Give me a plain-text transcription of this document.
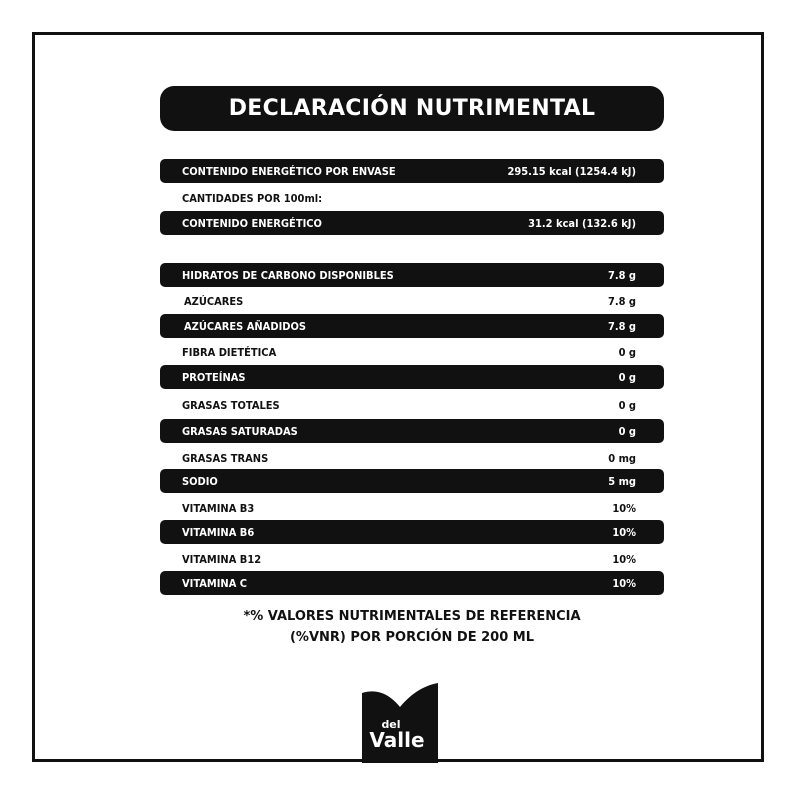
DECLARACIÓN NUTRIMENTAL
CONTENIDO ENERGÉTICO POR ENVASE	295.15 kcal (1254.4 kJ)
CANTIDADES POR 100ml:
CONTENIDO ENERGÉTICO	31.2 kcal (132.6 kJ)
HIDRATOS DE CARBONO DISPONIBLES	7.8 g
AZÚCARES	7.8 g
AZÚCARES AÑADIDOS	7.8 g
FIBRA DIETÉTICA	0 g
PROTEÍNAS	0 g
GRASAS TOTALES	0 g
GRASAS SATURADAS	0 g
GRASAS TRANS	0 mg
SODIO	5 mg
VITAMINA B3	10%
VITAMINA B6	10%
VITAMINA B12	10%
VITAMINA C	10%
*% VALORES NUTRIMENTALES DE REFERENCIA
(%VNR) POR PORCIÓN DE 200 ML
del
Valle
